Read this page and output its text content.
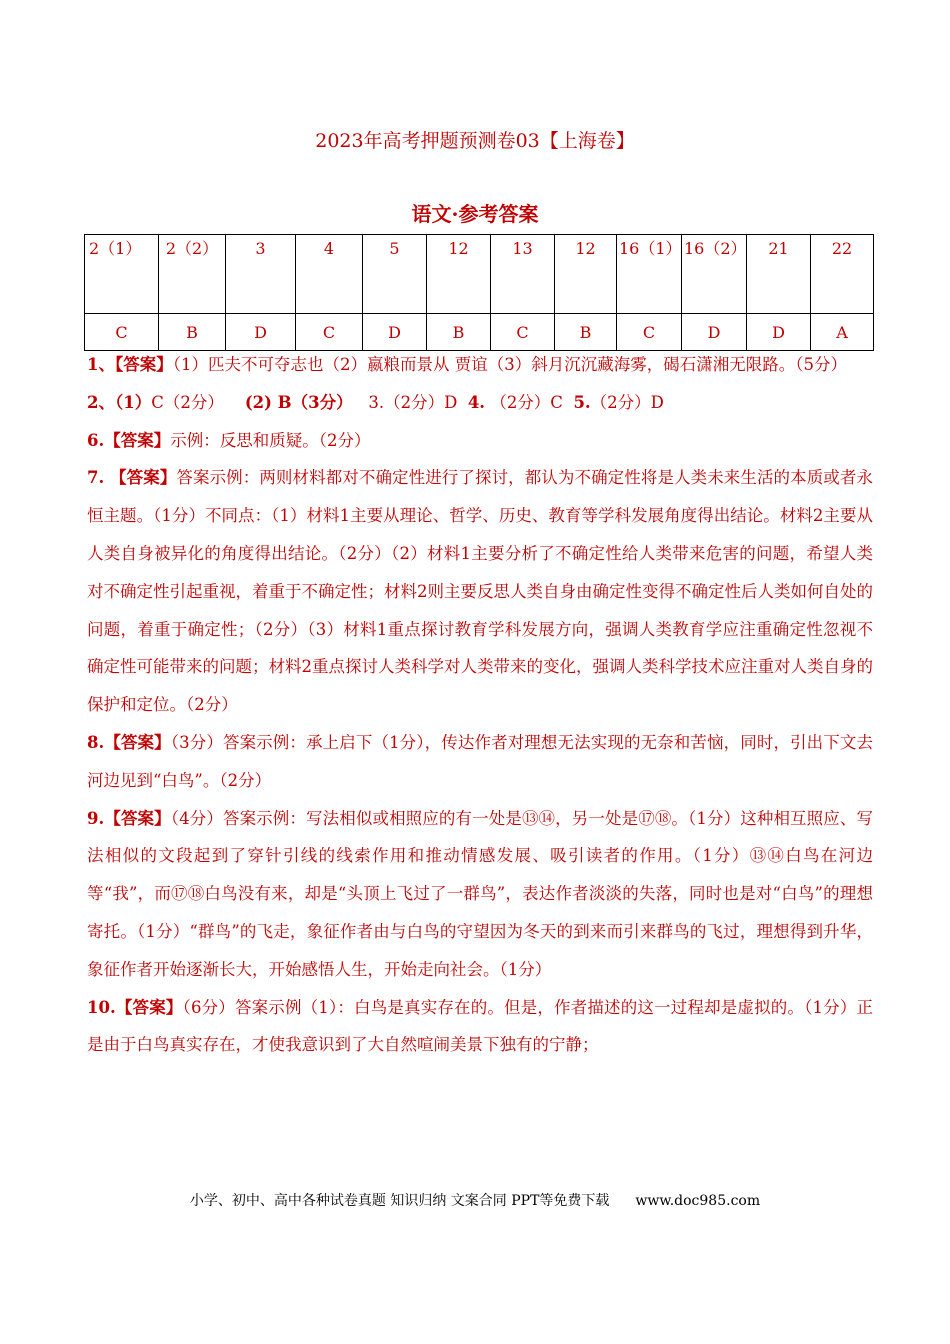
2023年高考押题预测卷03【上海卷】
语文·参考答案
2（1）	2（2）	3	4	5	12	13	12	16（1）	16（2）	21	22
C	B	D	C	D	B	C	B	C	D	D	A

1、【答案】（1）匹夫不可夺志也（2）嬴粮而景从 贾谊（3）斜月沉沉藏海雾，碣石潇湘无限路。（5分）

2、（1）C（2分） (2) B（3分） 3.（2分）D 4. （2分）C 5.（2分）D

6.【答案】示例：反思和质疑。（2分）

7. 【答案】答案示例：两则材料都对不确定性进行了探讨，都认为不确定性将是人类未来生活的本质或者永恒主题。（1分）不同点：（1）材料1主要从理论、哲学、历史、教育等学科发展角度得出结论。材料2主要从人类自身被异化的角度得出结论。（2分）（2）材料1主要分析了不确定性给人类带来危害的问题，希望人类对不确定性引起重视，着重于不确定性；材料2则主要反思人类自身由确定性变得不确定性后人类如何自处的问题，着重于确定性；（2分）（3）材料1重点探讨教育学科发展方向，强调人类教育学应注重确定性忽视不确定性可能带来的问题；材料2重点探讨人类科学对人类带来的变化，强调人类科学技术应注重对人类自身的保护和定位。（2分）

8.【答案】（3分）答案示例：承上启下（1分），传达作者对理想无法实现的无奈和苦恼，同时，引出下文去河边见到“白鸟”。（2分）

9.【答案】（4分）答案示例：写法相似或相照应的有一处是⑬⑭，另一处是⑰⑱。（1分）这种相互照应、写法相似的文段起到了穿针引线的线索作用和推动情感发展、吸引读者的作用。（1分）⑬⑭白鸟在河边等“我”，而⑰⑱白鸟没有来，却是“头顶上飞过了一群鸟”，表达作者淡淡的失落，同时也是对“白鸟”的理想寄托。（1分）“群鸟”的飞走，象征作者由与白鸟的守望因为冬天的到来而引来群鸟的飞过，理想得到升华，象征作者开始逐渐长大，开始感悟人生，开始走向社会。（1分）

10.【答案】（6分）答案示例（1）：白鸟是真实存在的。但是，作者描述的这一过程却是虚拟的。（1分）正是由于白鸟真实存在，才使我意识到了大自然喧闹美景下独有的宁静；

小学、初中、高中各种试卷真题 知识归纳 文案合同 PPT等免费下载 www.doc985.com
